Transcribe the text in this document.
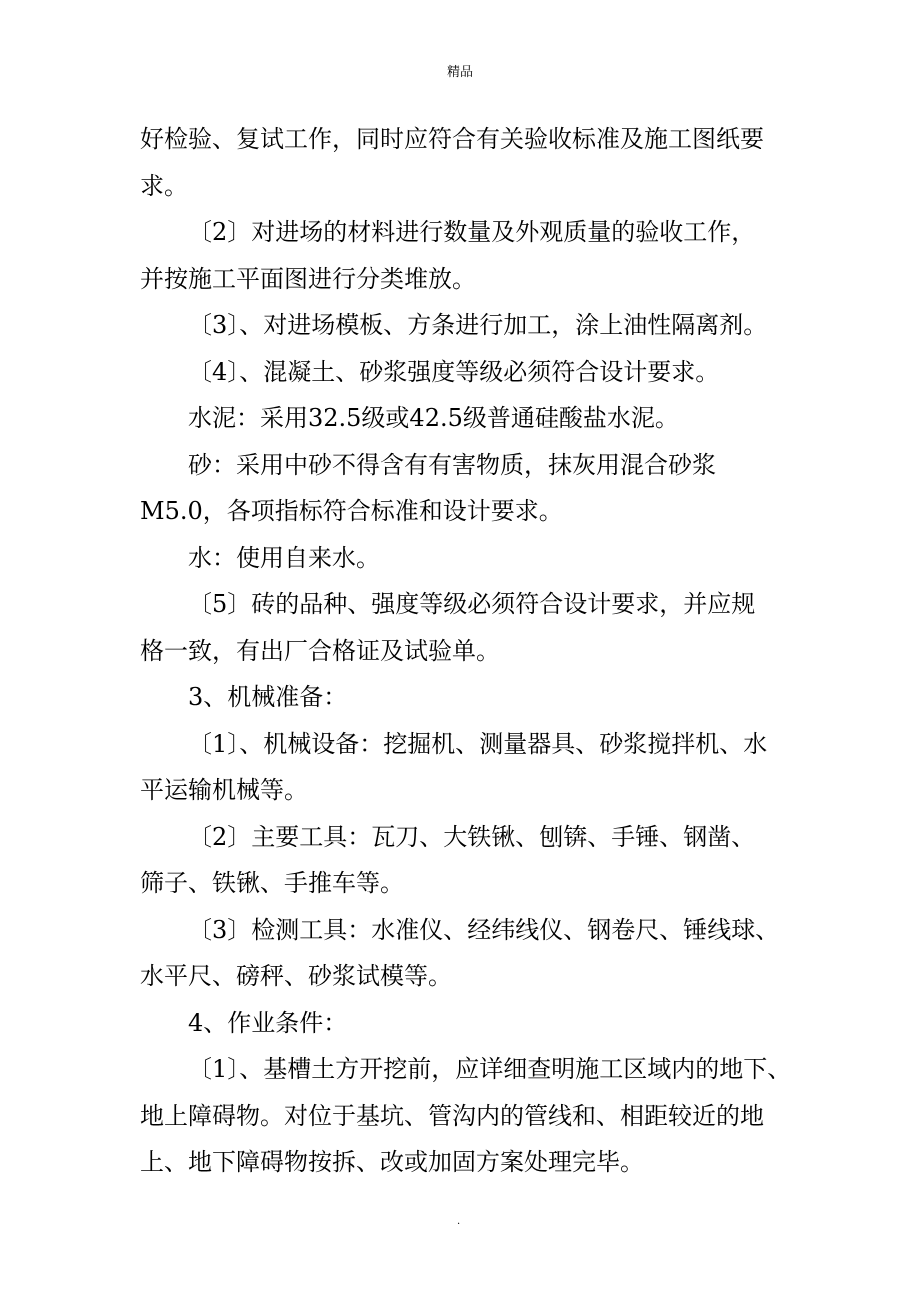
精品

好检验、复试工作，同时应符合有关验收标准及施工图纸要

求。

〔2〕对进场的材料进行数量及外观质量的验收工作，

并按施工平面图进行分类堆放。

〔3〕、对进场模板、方条进行加工，涂上油性隔离剂。

〔4〕、混凝土、砂浆强度等级必须符合设计要求。

水泥：采用32.5级或42.5级普通硅酸盐水泥。

砂：采用中砂不得含有有害物质，抹灰用混合砂浆

M5.0，各项指标符合标准和设计要求。

水：使用自来水。

〔5〕砖的品种、强度等级必须符合设计要求，并应规

格一致，有出厂合格证及试验单。

3、机械准备：

〔1〕、机械设备：挖掘机、测量器具、砂浆搅拌机、水

平运输机械等。

〔2〕主要工具：瓦刀、大铁锹、刨锛、手锤、钢凿、

筛子、铁锹、手推车等。

〔3〕检测工具：水准仪、经纬线仪、钢卷尺、锤线球、

水平尺、磅秤、砂浆试模等。

4、作业条件：

〔1〕、基槽土方开挖前，应详细查明施工区域内的地下、

地上障碍物。对位于基坑、管沟内的管线和、相距较近的地

上、地下障碍物按拆、改或加固方案处理完毕。

.
